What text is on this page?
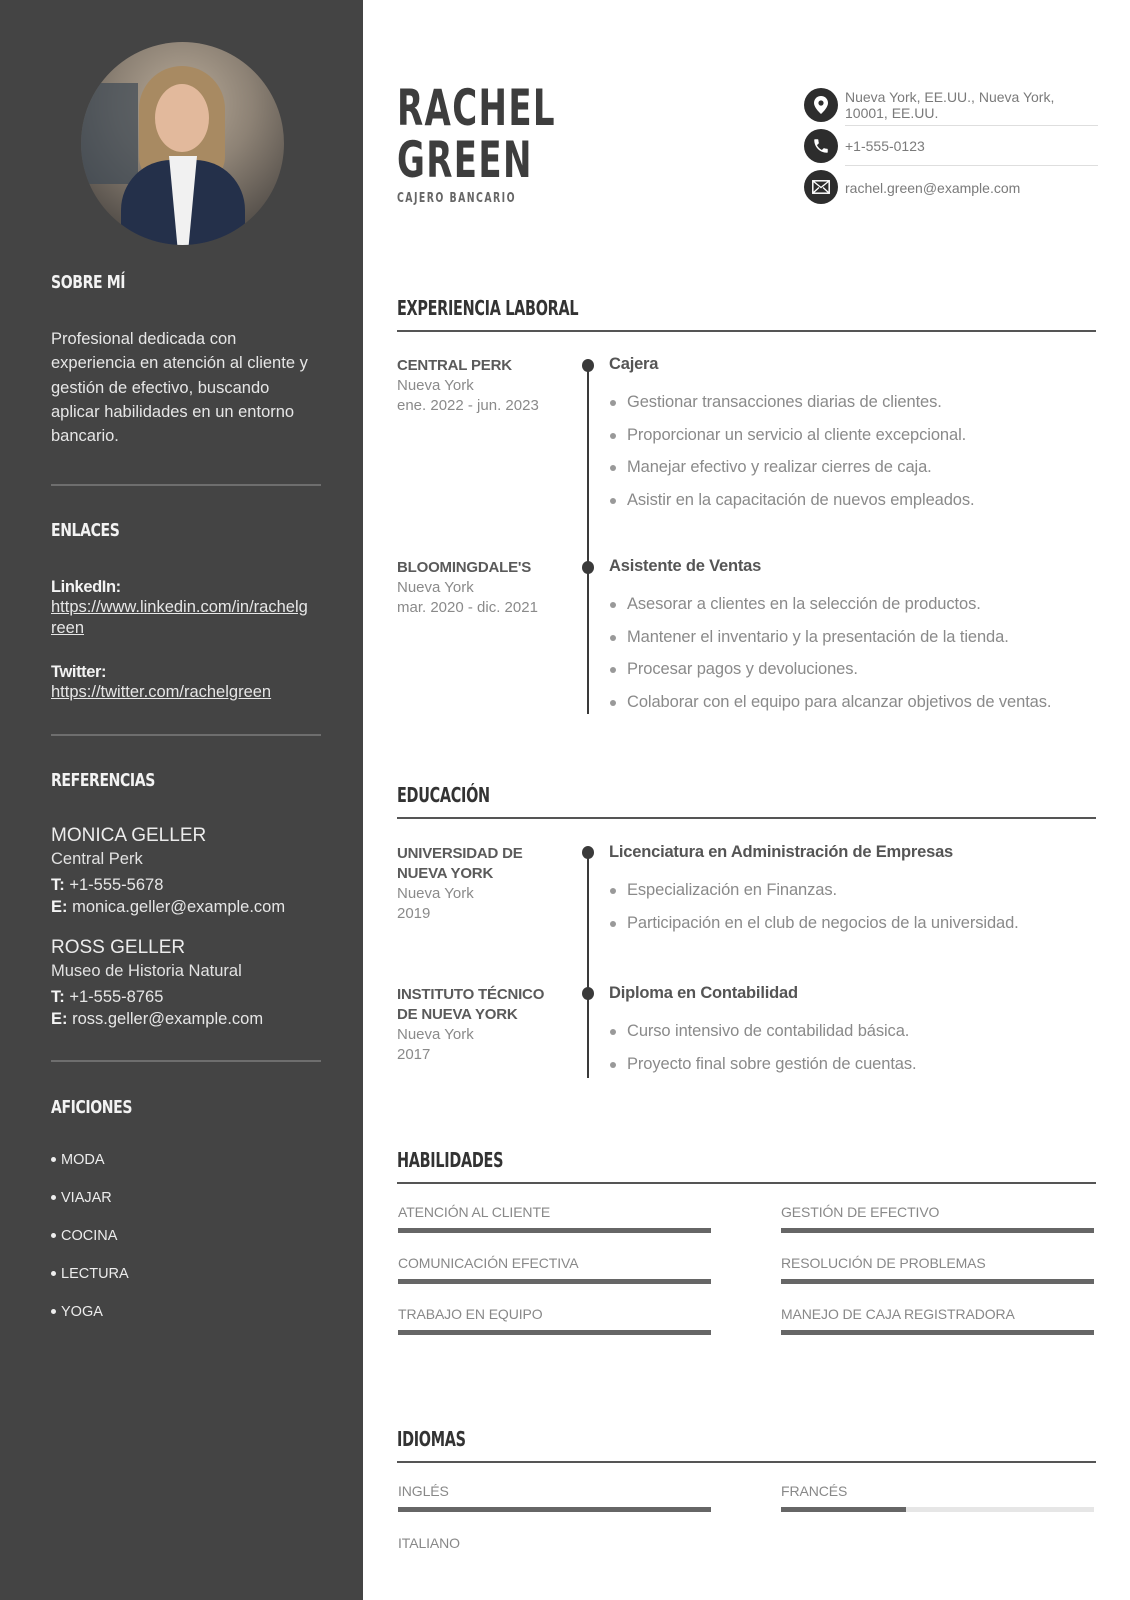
SOBRE MÍ

Profesional dedicada con experiencia en atención al cliente y gestión de efectivo, buscando aplicar habilidades en un entorno bancario.

ENLACES
LinkedIn:
https://www.linkedin.com/in/rachelgreen
Twitter:
https://twitter.com/rachelgreen
REFERENCIAS
MONICA GELLER
Central Perk
T: +1-555-5678
E: monica.geller@example.com
ROSS GELLER
Museo de Historia Natural
T: +1-555-8765
E: ross.geller@example.com
AFICIONES
MODA
VIAJAR
COCINA
LECTURA
YOGA
RACHEL
GREEN
CAJERO BANCARIO
Nueva York, EE.UU., Nueva York,
10001, EE.UU.
+1-555-0123
rachel.green@example.com
EXPERIENCIA LABORAL
CENTRAL PERK
Nueva York
ene. 2022 - jun. 2023
Cajera
Gestionar transacciones diarias de clientes.
Proporcionar un servicio al cliente excepcional.
Manejar efectivo y realizar cierres de caja.
Asistir en la capacitación de nuevos empleados.
BLOOMINGDALE'S
Nueva York
mar. 2020 - dic. 2021
Asistente de Ventas
Asesorar a clientes en la selección de productos.
Mantener el inventario y la presentación de la tienda.
Procesar pagos y devoluciones.
Colaborar con el equipo para alcanzar objetivos de ventas.
EDUCACIÓN
UNIVERSIDAD DE
NUEVA YORK
Nueva York
2019
Licenciatura en Administración de Empresas
Especialización en Finanzas.
Participación en el club de negocios de la universidad.
INSTITUTO TÉCNICO
DE NUEVA YORK
Nueva York
2017
Diploma en Contabilidad
Curso intensivo de contabilidad básica.
Proyecto final sobre gestión de cuentas.
HABILIDADES
ATENCIÓN AL CLIENTE	GESTIÓN DE EFECTIVO
COMUNICACIÓN EFECTIVA	RESOLUCIÓN DE PROBLEMAS
TRABAJO EN EQUIPO	MANEJO DE CAJA REGISTRADORA
IDIOMAS
INGLÉS	FRANCÉS
ITALIANO
